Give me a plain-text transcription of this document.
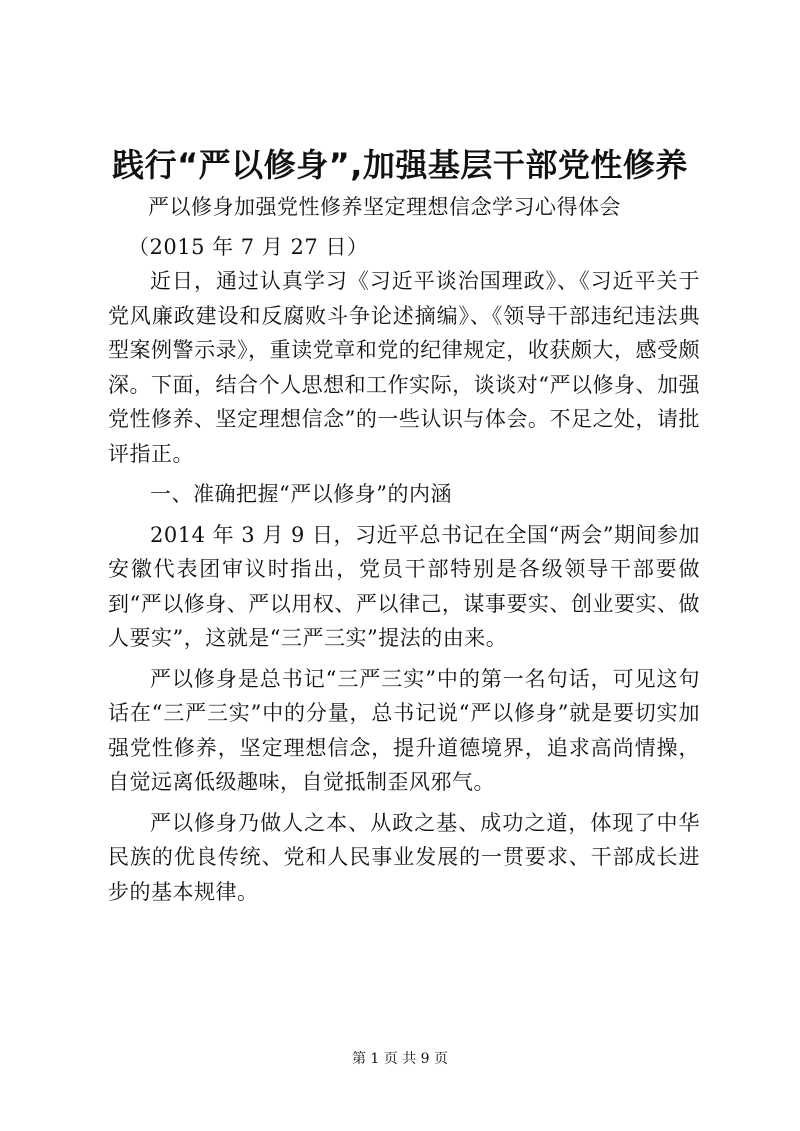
践行“严以修身”,加强基层干部党性修养
严以修身加强党性修养坚定理想信念学习心得体会
（2015 年 7 月 27 日）

近日，通过认真学习《习近平谈治国理政》、《习近平关于党风廉政建设和反腐败斗争论述摘编》、《领导干部违纪违法典型案例警示录》，重读党章和党的纪律规定，收获颇大，感受颇深。下面，结合个人思想和工作实际，谈谈对“严以修身、加强党性修养、坚定理想信念”的一些认识与体会。不足之处，请批评指正。

一、准确把握“严以修身”的内涵

2014 年 3 月 9 日，习近平总书记在全国“两会”期间参加安徽代表团审议时指出，党员干部特别是各级领导干部要做到“严以修身、严以用权、严以律己，谋事要实、创业要实、做人要实”，这就是“三严三实”提法的由来。

严以修身是总书记“三严三实”中的第一名句话，可见这句话在“三严三实”中的分量，总书记说“严以修身”就是要切实加强党性修养，坚定理想信念，提升道德境界，追求高尚情操，自觉远离低级趣味，自觉抵制歪风邪气。

严以修身乃做人之本、从政之基、成功之道，体现了中华民族的优良传统、党和人民事业发展的一贯要求、干部成长进步的基本规律。

第 1 页 共 9 页
